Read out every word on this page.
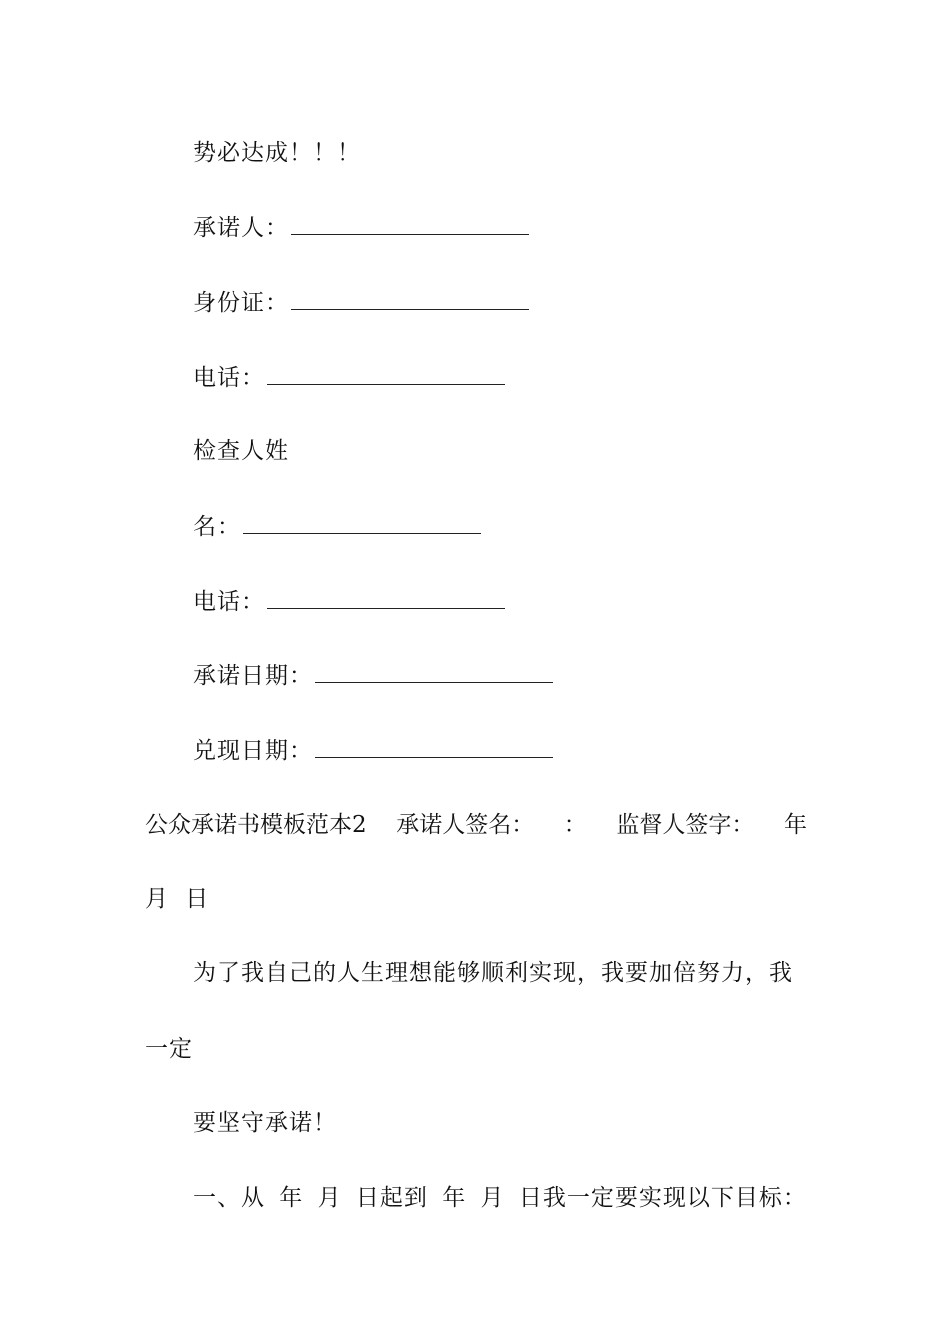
势必达成！！！
承诺人：
身份证：
电话：
检查人姓
名：
电话：
承诺日期：
兑现日期：
公众承诺书模板范本2 承诺人签名： ： 监督人签字： 年
月 日
为了我自己的人生理想能够顺利实现，我要加倍努力，我
一定
要坚守承诺！
一、从 年 月 日起到 年 月 日我一定要实现以下目标：
